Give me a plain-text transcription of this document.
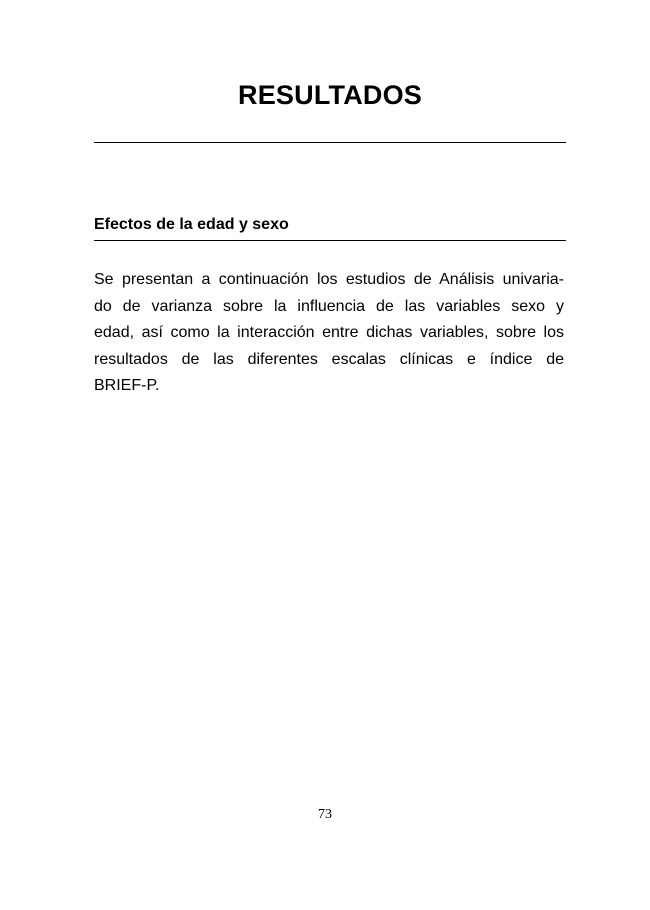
RESULTADOS
Efectos de la edad y sexo

Se presentan a continuación los estudios de Análisis univaria-
do de varianza sobre la influencia de las variables sexo y
edad, así como la interacción entre dichas variables, sobre los
resultados de las diferentes escalas clínicas e índice de
BRIEF-P.

73
